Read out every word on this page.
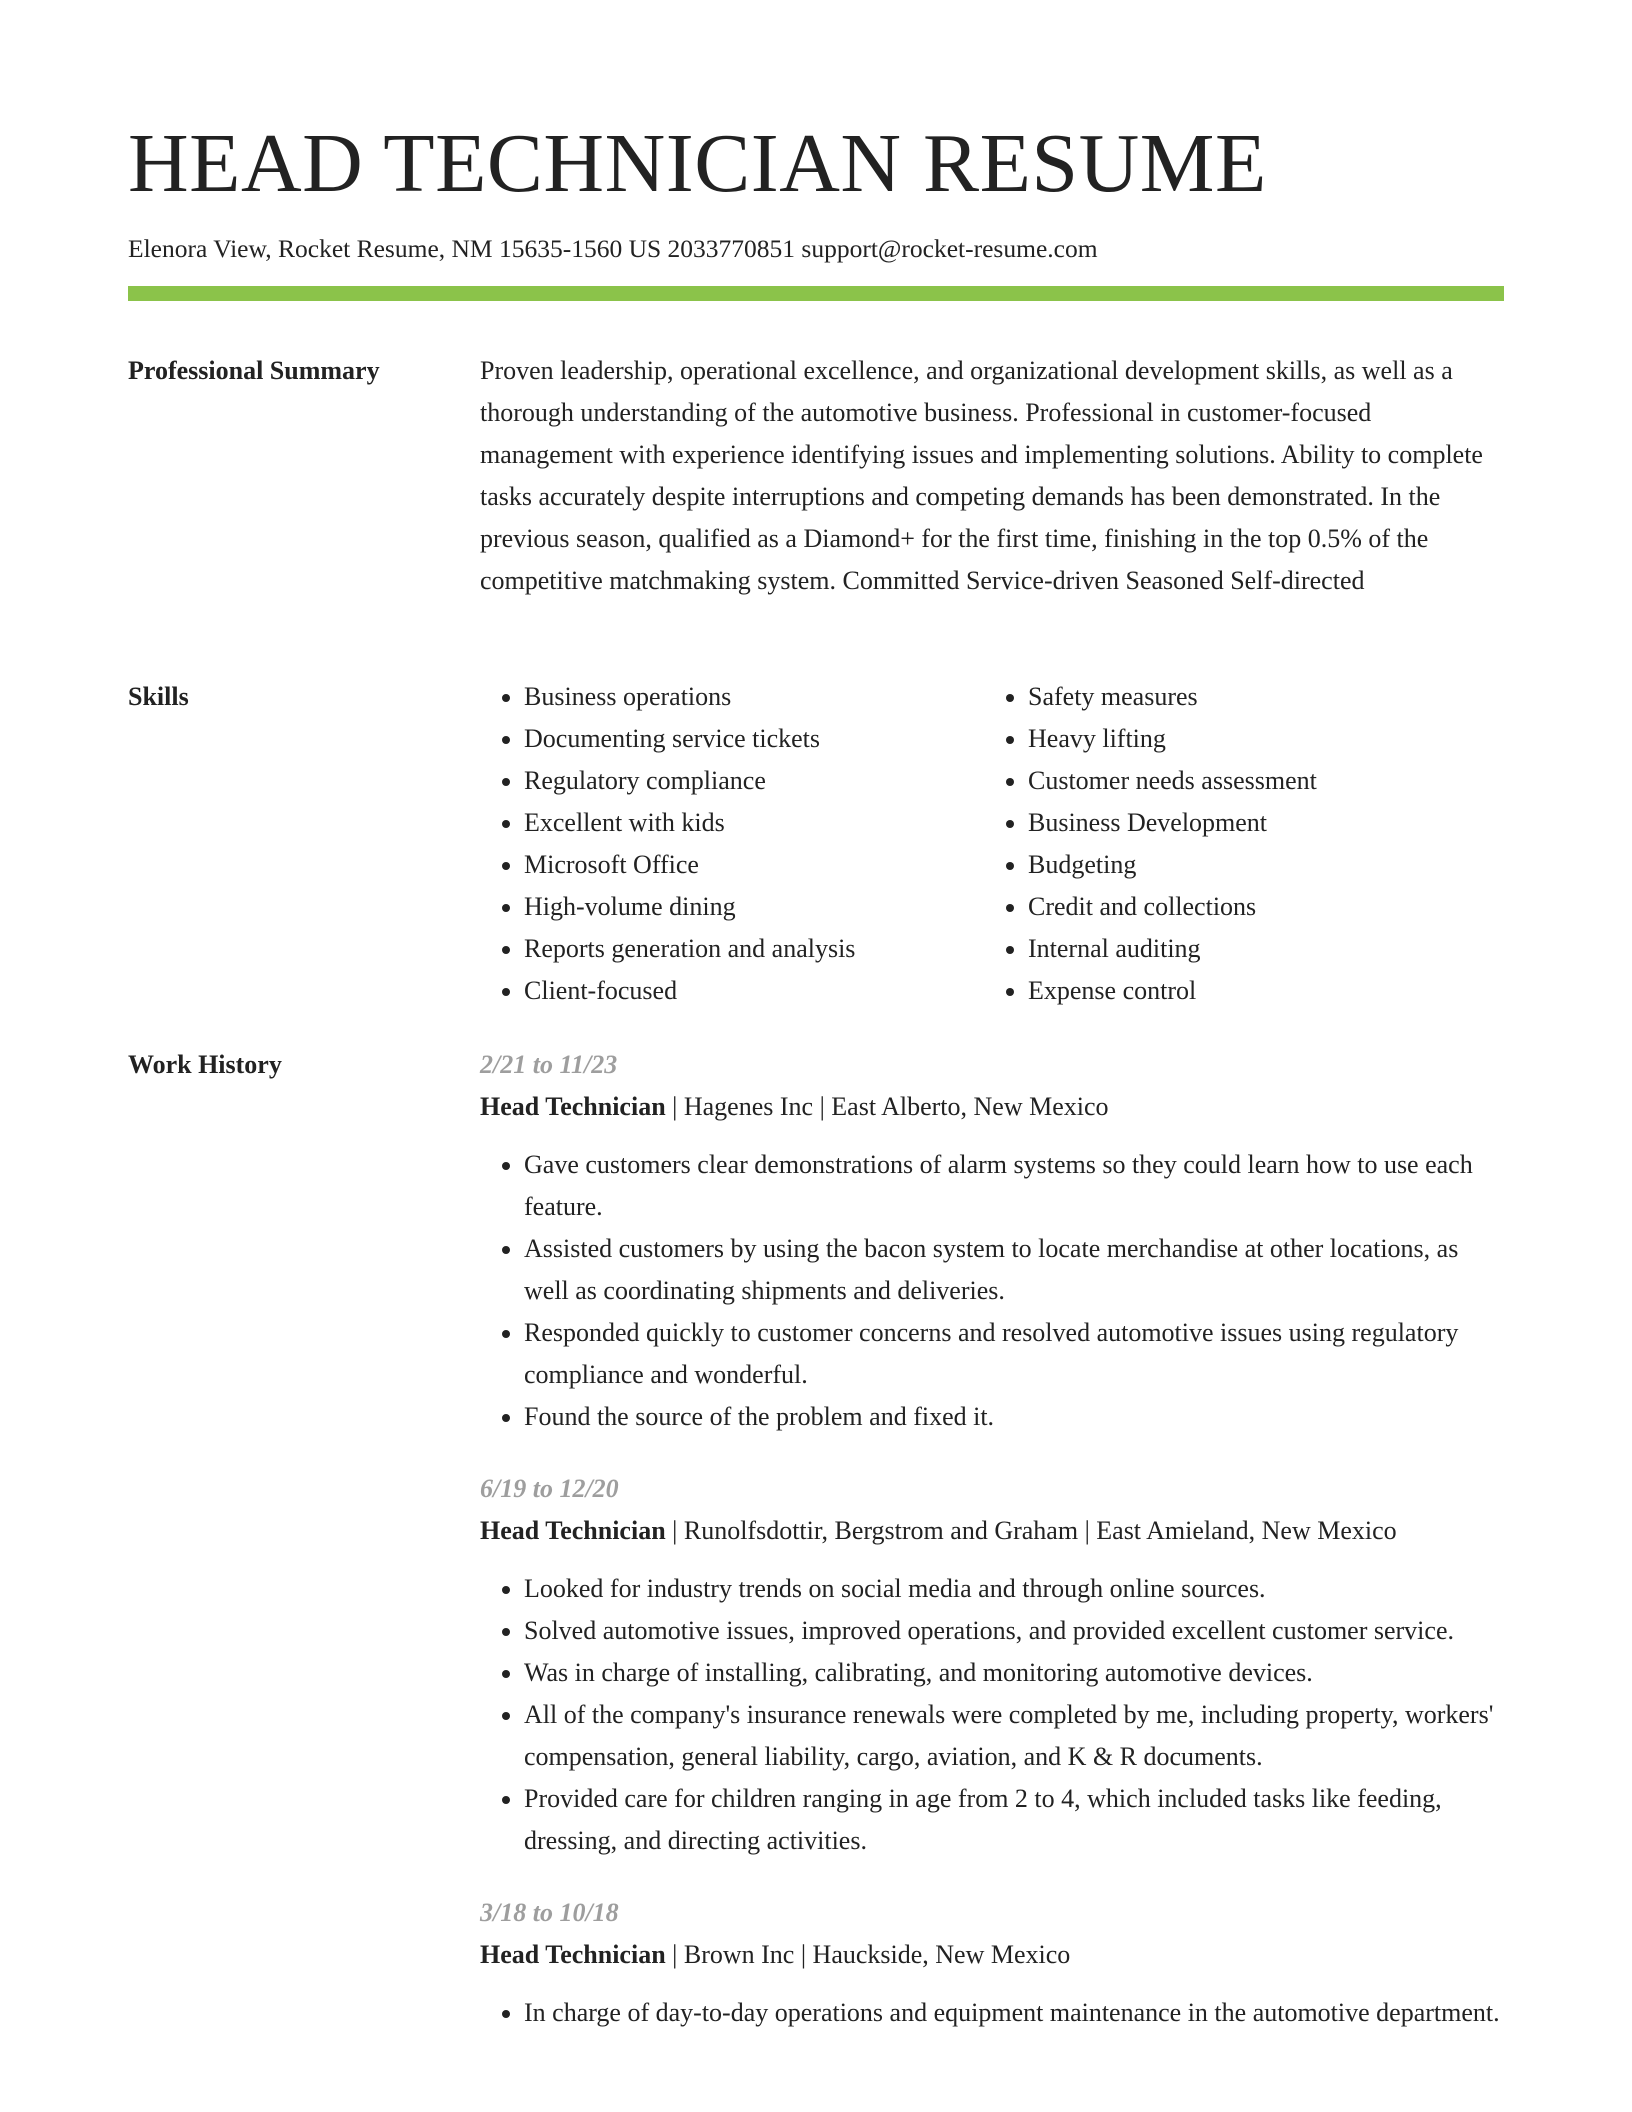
HEAD TECHNICIAN RESUME
Elenora View, Rocket Resume, NM 15635-1560 US 2033770851 support@rocket-resume.com
Professional Summary	Proven leadership, operational excellence, and organizational development skills, as well as a thorough understanding of the automotive business. Professional in customer-focused management with experience identifying issues and implementing solutions. Ability to complete tasks accurately despite interruptions and competing demands has been demonstrated. In the previous season, qualified as a Diamond+ for the first time, finishing in the top 0.5% of the competitive matchmaking system. Committed Service-driven Seasoned Self-directed

Skills
•	Business operations
• Documenting service tickets
• Regulatory compliance
• Excellent with kids
• Microsoft Office
• High-volume dining
• Reports generation and analysis
• Client-focused
• Safety measures
• Heavy lifting
• Customer needs assessment
• Business Development
• Budgeting
• Credit and collections
• Internal auditing
• Expense control
Work History	2/21 to 11/23
Head Technician | Hagenes Inc | East Alberto, New Mexico
• Gave customers clear demonstrations of alarm systems so they could learn how to use each feature.
• Assisted customers by using the bacon system to locate merchandise at other locations, as well as coordinating shipments and deliveries.
• Responded quickly to customer concerns and resolved automotive issues using regulatory compliance and wonderful.
• Found the source of the problem and fixed it.
6/19 to 12/20
Head Technician | Runolfsdottir, Bergstrom and Graham | East Amieland, New Mexico
• Looked for industry trends on social media and through online sources.
• Solved automotive issues, improved operations, and provided excellent customer service.
• Was in charge of installing, calibrating, and monitoring automotive devices.
• All of the company's insurance renewals were completed by me, including property, workers' compensation, general liability, cargo, aviation, and K & R documents.
• Provided care for children ranging in age from 2 to 4, which included tasks like feeding, dressing, and directing activities.
3/18 to 10/18
Head Technician | Brown Inc | Hauckside, New Mexico
• In charge of day-to-day operations and equipment maintenance in the automotive department.
